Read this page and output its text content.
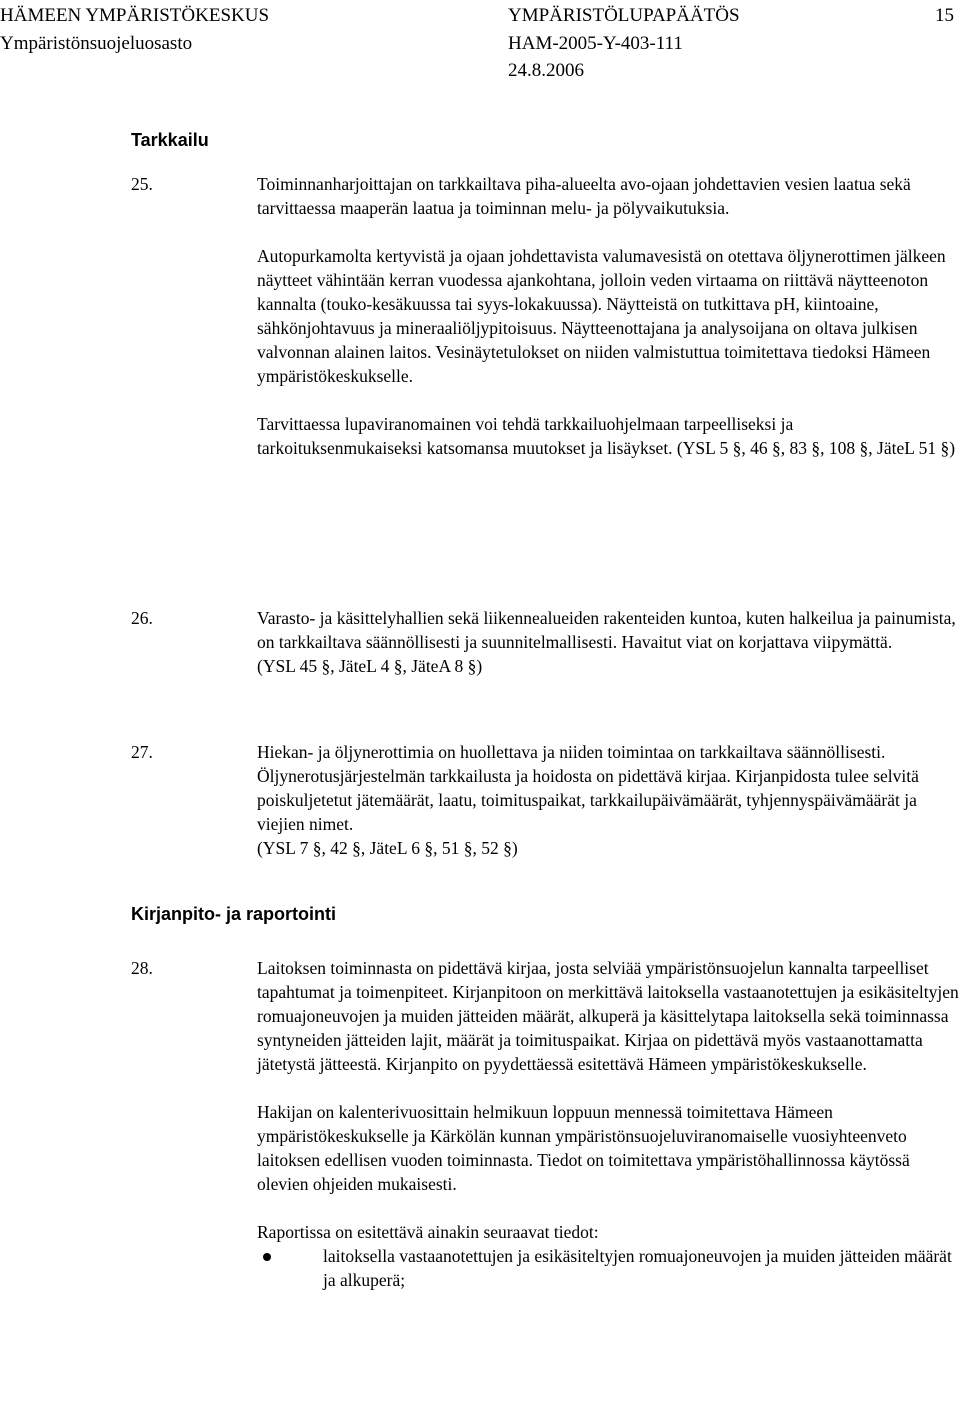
HÄMEEN YMPÄRISTÖKESKUS
Ympäristönsuojeluosasto
YMPÄRISTÖLUPAPÄÄTÖS
HAM-2005-Y-403-111
24.8.2006
15
Tarkkailu
25.	Toiminnanharjoittajan on tarkkailtava piha-alueelta avo-ojaan johdettavien vesien laatua sekä tarvittaessa maaperän laatua ja toiminnan melu- ja pölyvaikutuksia.

Autopurkamolta kertyvistä ja ojaan johdettavista valumavesistä on otettava öljynerottimen jälkeen näytteet vähintään kerran vuodessa ajankohtana, jolloin veden virtaama on riittävä näytteenoton kannalta (touko-kesäkuussa tai syys-lokakuussa). Näytteistä on tutkittava pH, kiintoaine, sähkönjohtavuus ja mineraaliöljypitoisuus. Näytteenottajana ja analysoijana on oltava julkisen valvonnan alainen laitos. Vesinäytetulokset on niiden valmistuttua toimitettava tiedoksi Hämeen ympäristökeskukselle.

Tarvittaessa lupaviranomainen voi tehdä tarkkailuohjelmaan tarpeelliseksi ja tarkoituksenmukaiseksi katsomansa muutokset ja lisäykset. (YSL 5 §, 46 §, 83 §, 108 §, JäteL 51 §)

26.	Varasto- ja käsittelyhallien sekä liikennealueiden rakenteiden kuntoa, kuten halkeilua ja painumista, on tarkkailtava säännöllisesti ja suunnitelmallisesti. Havaitut viat on korjattava viipymättä.

(YSL 45 §, JäteL 4 §, JäteA 8 §)

27.	Hiekan- ja öljynerottimia on huollettava ja niiden toimintaa on tarkkailtava säännöllisesti. Öljynerotusjärjestelmän tarkkailusta ja hoidosta on pidettävä kirjaa. Kirjanpidosta tulee selvitä poiskuljetetut jätemäärät, laatu, toimituspaikat, tarkkailupäivämäärät, tyhjennyspäivämäärät ja viejien nimet.

(YSL 7 §, 42 §, JäteL 6 §, 51 §, 52 §)

Kirjanpito- ja raportointi
28.	Laitoksen toiminnasta on pidettävä kirjaa, josta selviää ympäristönsuojelun kannalta tarpeelliset tapahtumat ja toimenpiteet. Kirjanpitoon on merkittävä laitoksella vastaanotettujen ja esikäsiteltyjen romuajoneuvojen ja muiden jätteiden määrät, alkuperä ja käsittelytapa laitoksella sekä toiminnassa syntyneiden jätteiden lajit, määrät ja toimituspaikat. Kirjaa on pidettävä myös vastaanottamatta jätetystä jätteestä. Kirjanpito on pyydettäessä esitettävä Hämeen ympäristökeskukselle.

Hakijan on kalenterivuosittain helmikuun loppuun mennessä toimitettava Hämeen ympäristökeskukselle ja Kärkölän kunnan ympäristönsuojeluviranomaiselle vuosiyhteenveto laitoksen edellisen vuoden toiminnasta. Tiedot on toimitettava ympäristöhallinnossa käytössä olevien ohjeiden mukaisesti.

Raportissa on esitettävä ainakin seuraavat tiedot:

laitoksella vastaanotettujen ja esikäsiteltyjen romuajoneuvojen ja muiden jätteiden määrät ja alkuperä;
